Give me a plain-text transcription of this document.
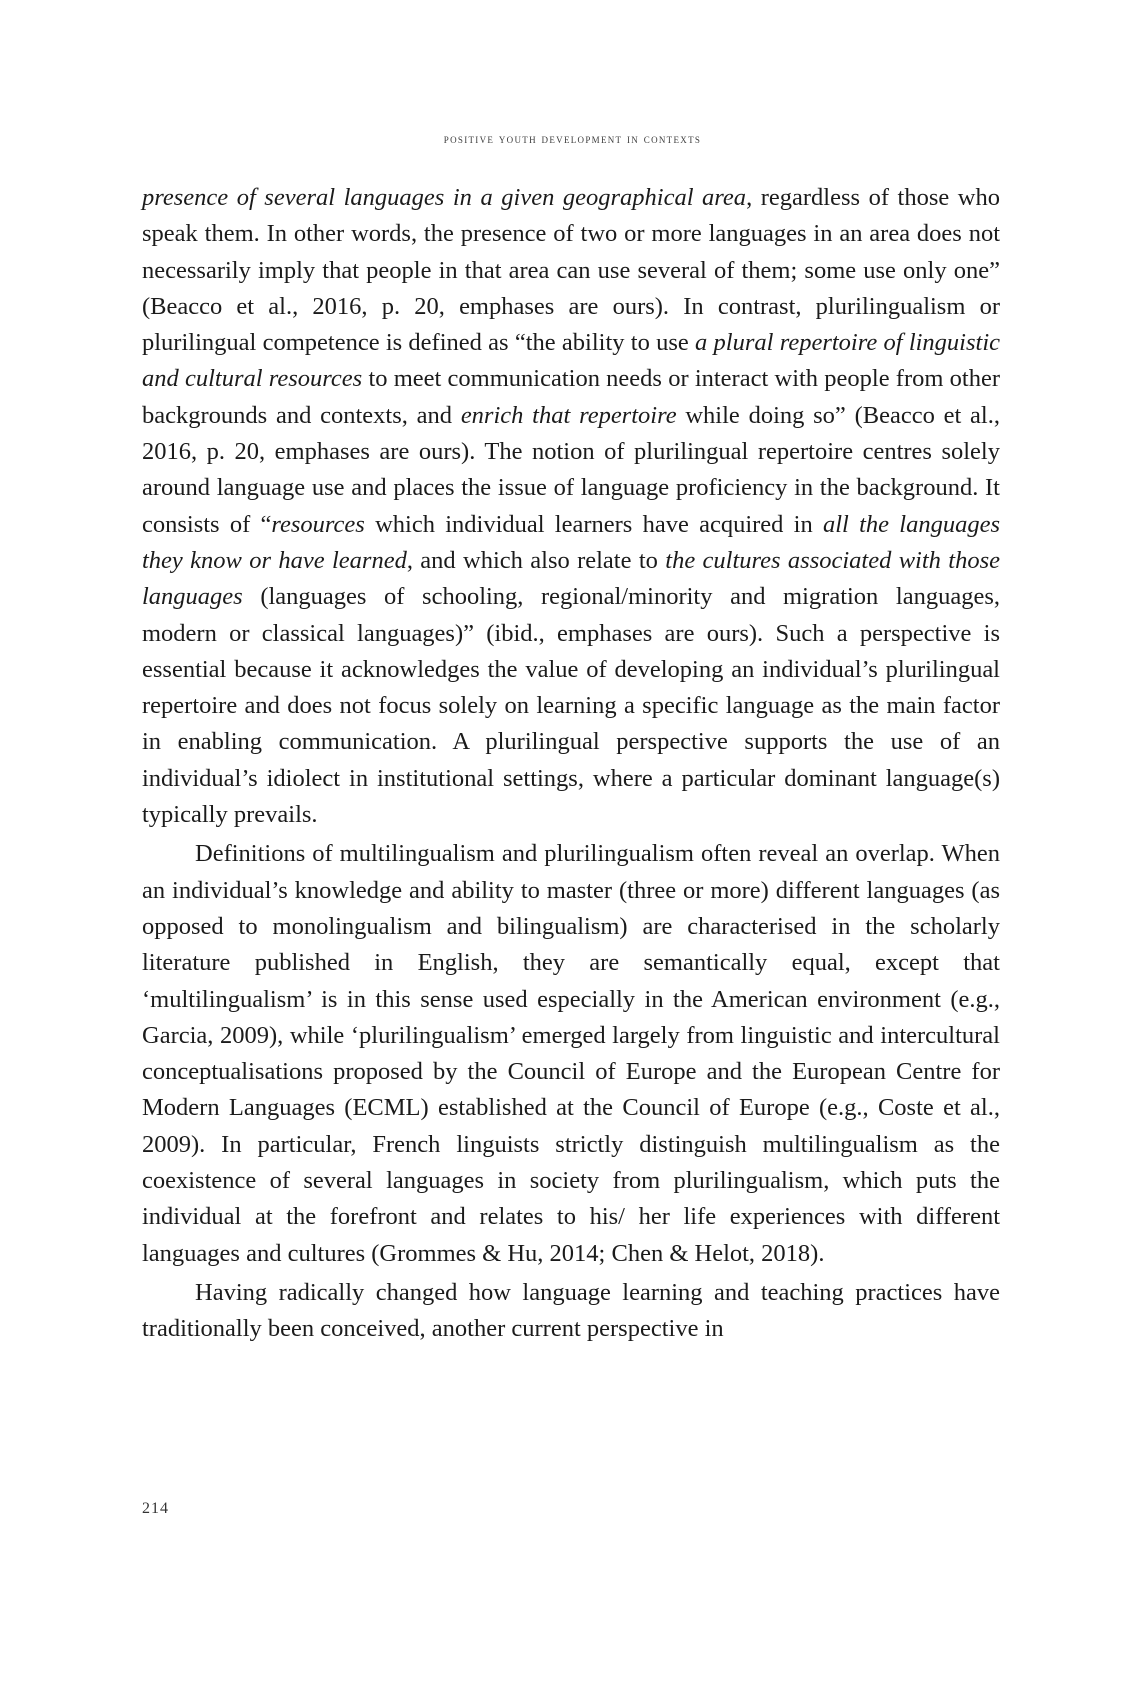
positive youth development in contexts

presence of several languages in a given geographical area, regardless of those who speak them. In other words, the presence of two or more languages in an area does not necessarily imply that people in that area can use several of them; some use only one” (Beacco et al., 2016, p. 20, emphases are ours). In contrast, plurilingualism or plurilingual competence is defined as “the ability to use a plural repertoire of linguistic and cultural resources to meet communication needs or interact with people from other backgrounds and contexts, and enrich that repertoire while doing so” (Beacco et al., 2016, p. 20, emphases are ours). The notion of plurilingual repertoire centres solely around language use and places the issue of language proficiency in the background. It consists of “resources which individual learners have acquired in all the languages they know or have learned, and which also relate to the cultures associated with those languages (languages of schooling, regional/minority and migration languages, modern or classical languages)” (ibid., emphases are ours). Such a perspective is essential because it acknowledges the value of developing an individual’s plurilingual repertoire and does not focus solely on learning a specific language as the main factor in enabling communication. A plurilingual perspective supports the use of an individual’s idiolect in institutional settings, where a particular dominant language(s) typically prevails.

Definitions of multilingualism and plurilingualism often reveal an overlap. When an individual’s knowledge and ability to master (three or more) different languages (as opposed to monolingualism and bilingualism) are characterised in the scholarly literature published in English, they are semantically equal, except that ‘multilingualism’ is in this sense used especially in the American environment (e.g., Garcia, 2009), while ‘plurilingualism’ emerged largely from linguistic and intercultural conceptualisations proposed by the Council of Europe and the European Centre for Modern Languages (ECML) established at the Council of Europe (e.g., Coste et al., 2009). In particular, French linguists strictly distinguish multilingualism as the coexistence of several languages in society from plurilingualism, which puts the individual at the forefront and relates to his/ her life experiences with different languages and cultures (Grommes & Hu, 2014; Chen & Helot, 2018).

Having radically changed how language learning and teaching practices have traditionally been conceived, another current perspective in

214
